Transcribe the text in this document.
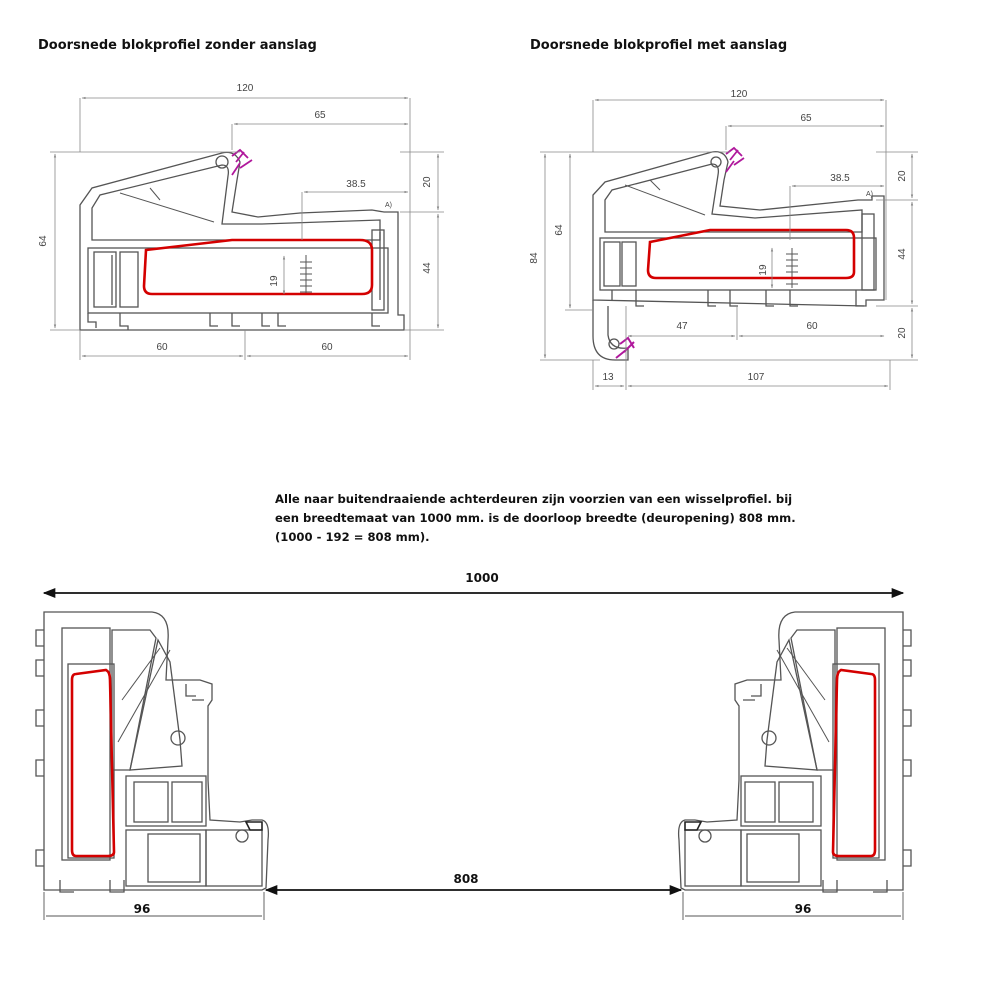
Doorsnede blokprofiel zonder aanslag	Doorsnede blokprofiel met aanslag
Alle naar buitendraaiende achterdeuren zijn voorzien van een wisselprofiel. bij
een breedtemaat van 1000 mm. is de doorloop breedte (deuropening) 808 mm.
(1000 - 192 = 808 mm).
120
65
38.5
64
20
44
19
60	60
A)
120
65
38.5
84
64
20
44
20
19
47	60
13	107
A)
1000
808
96	96
